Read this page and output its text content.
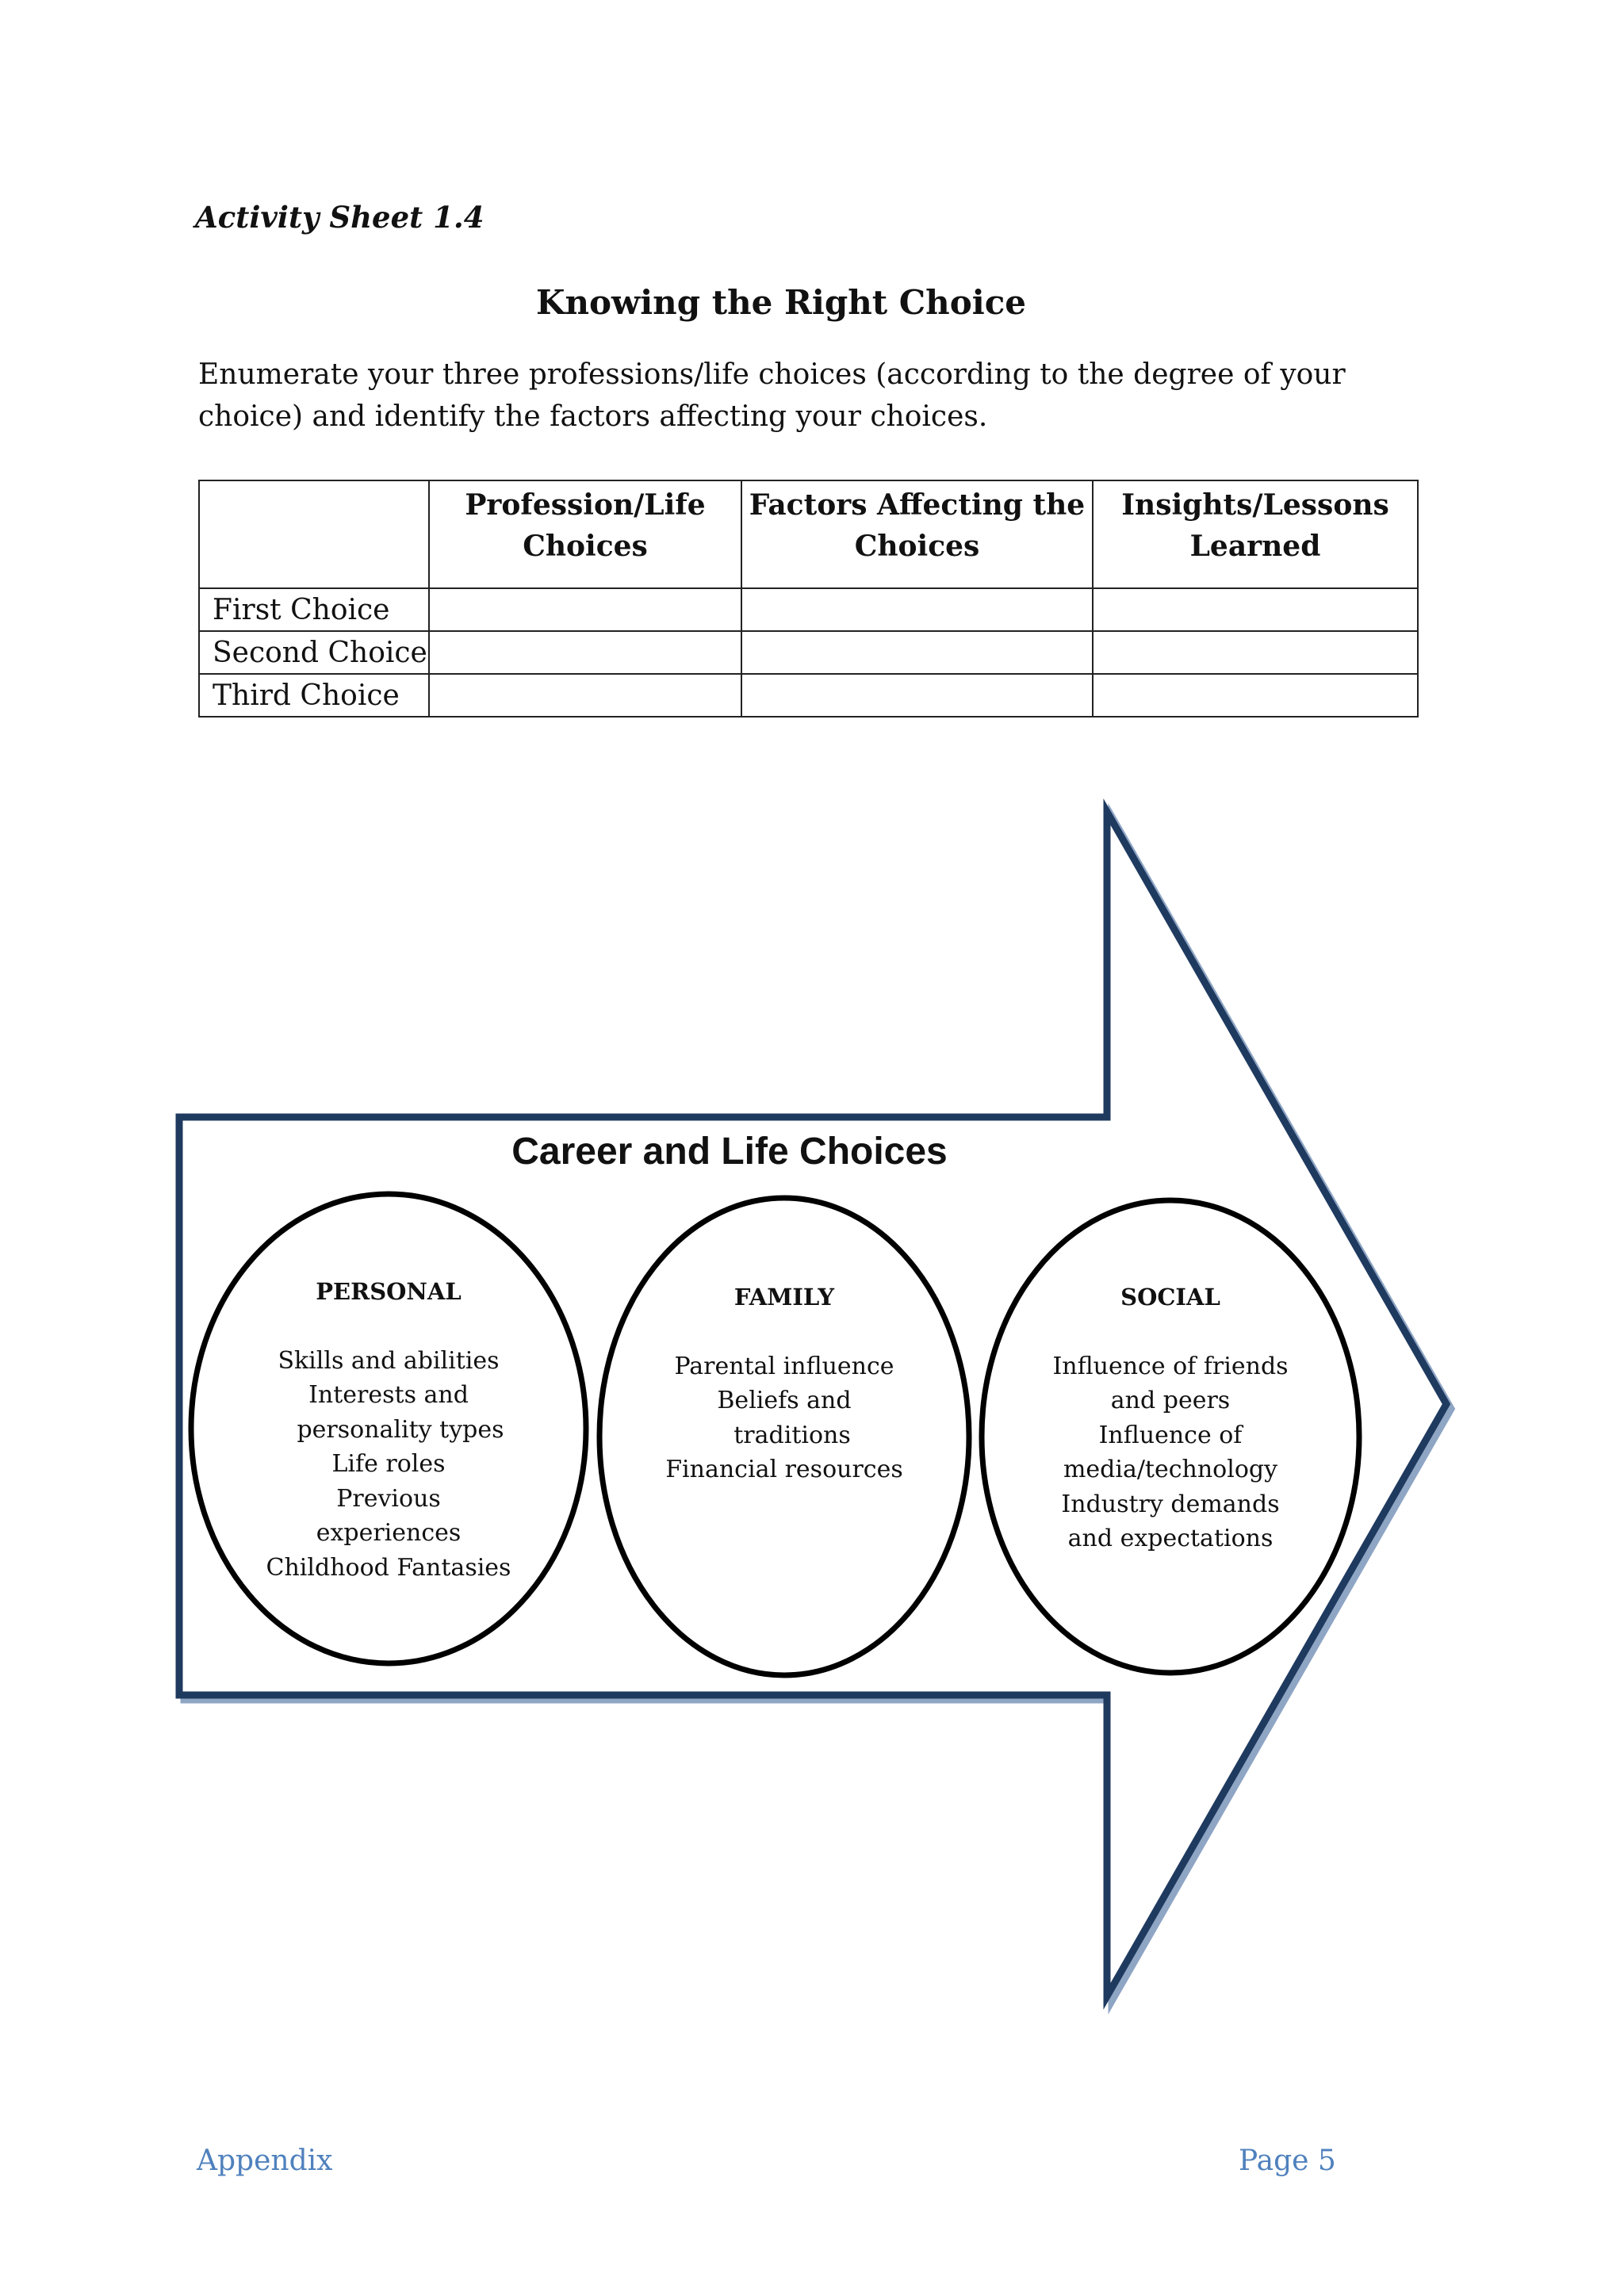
Activity Sheet 1.4
Knowing the Right Choice
Enumerate your three professions/life choices (according to the degree of your choice) and identify the factors affecting your choices.
	Profession/Life Choices	Factors Affecting the Choices	Insights/Lessons Learned
First Choice			
Second Choice			
Third Choice			
Career and Life Choices
PERSONAL
Skills and abilities
Interests and
personality types
Life roles
Previous
experiences
Childhood Fantasies
FAMILY
Parental influence
Beliefs and
traditions
Financial resources
SOCIAL
Influence of friends
and peers
Influence of
media/technology
Industry demands
and expectations
Appendix	Page 5
